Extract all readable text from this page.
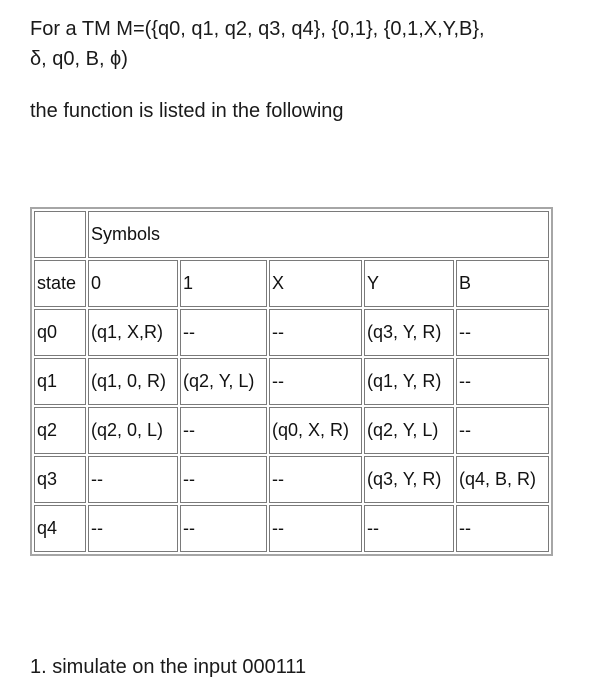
For a TM M=({q0, q1, q2, q3, q4}, {0,1}, {0,1,X,Y,B},

δ, q0, B, ϕ)

the function is listed in the following
	Symbols				
state	0	1	X	Y	B
q0	(q1, X,R)	--	--	(q3, Y, R)	--
q1	(q1, 0, R)	(q2, Y, L)	--	(q1, Y, R)	--
q2	(q2, 0, L)	--	(q0, X, R)	(q2, Y, L)	--
q3	--	--	--	(q3, Y, R)	(q4, B, R)
q4	--	--	--	--	--
1. simulate on the input 000111
